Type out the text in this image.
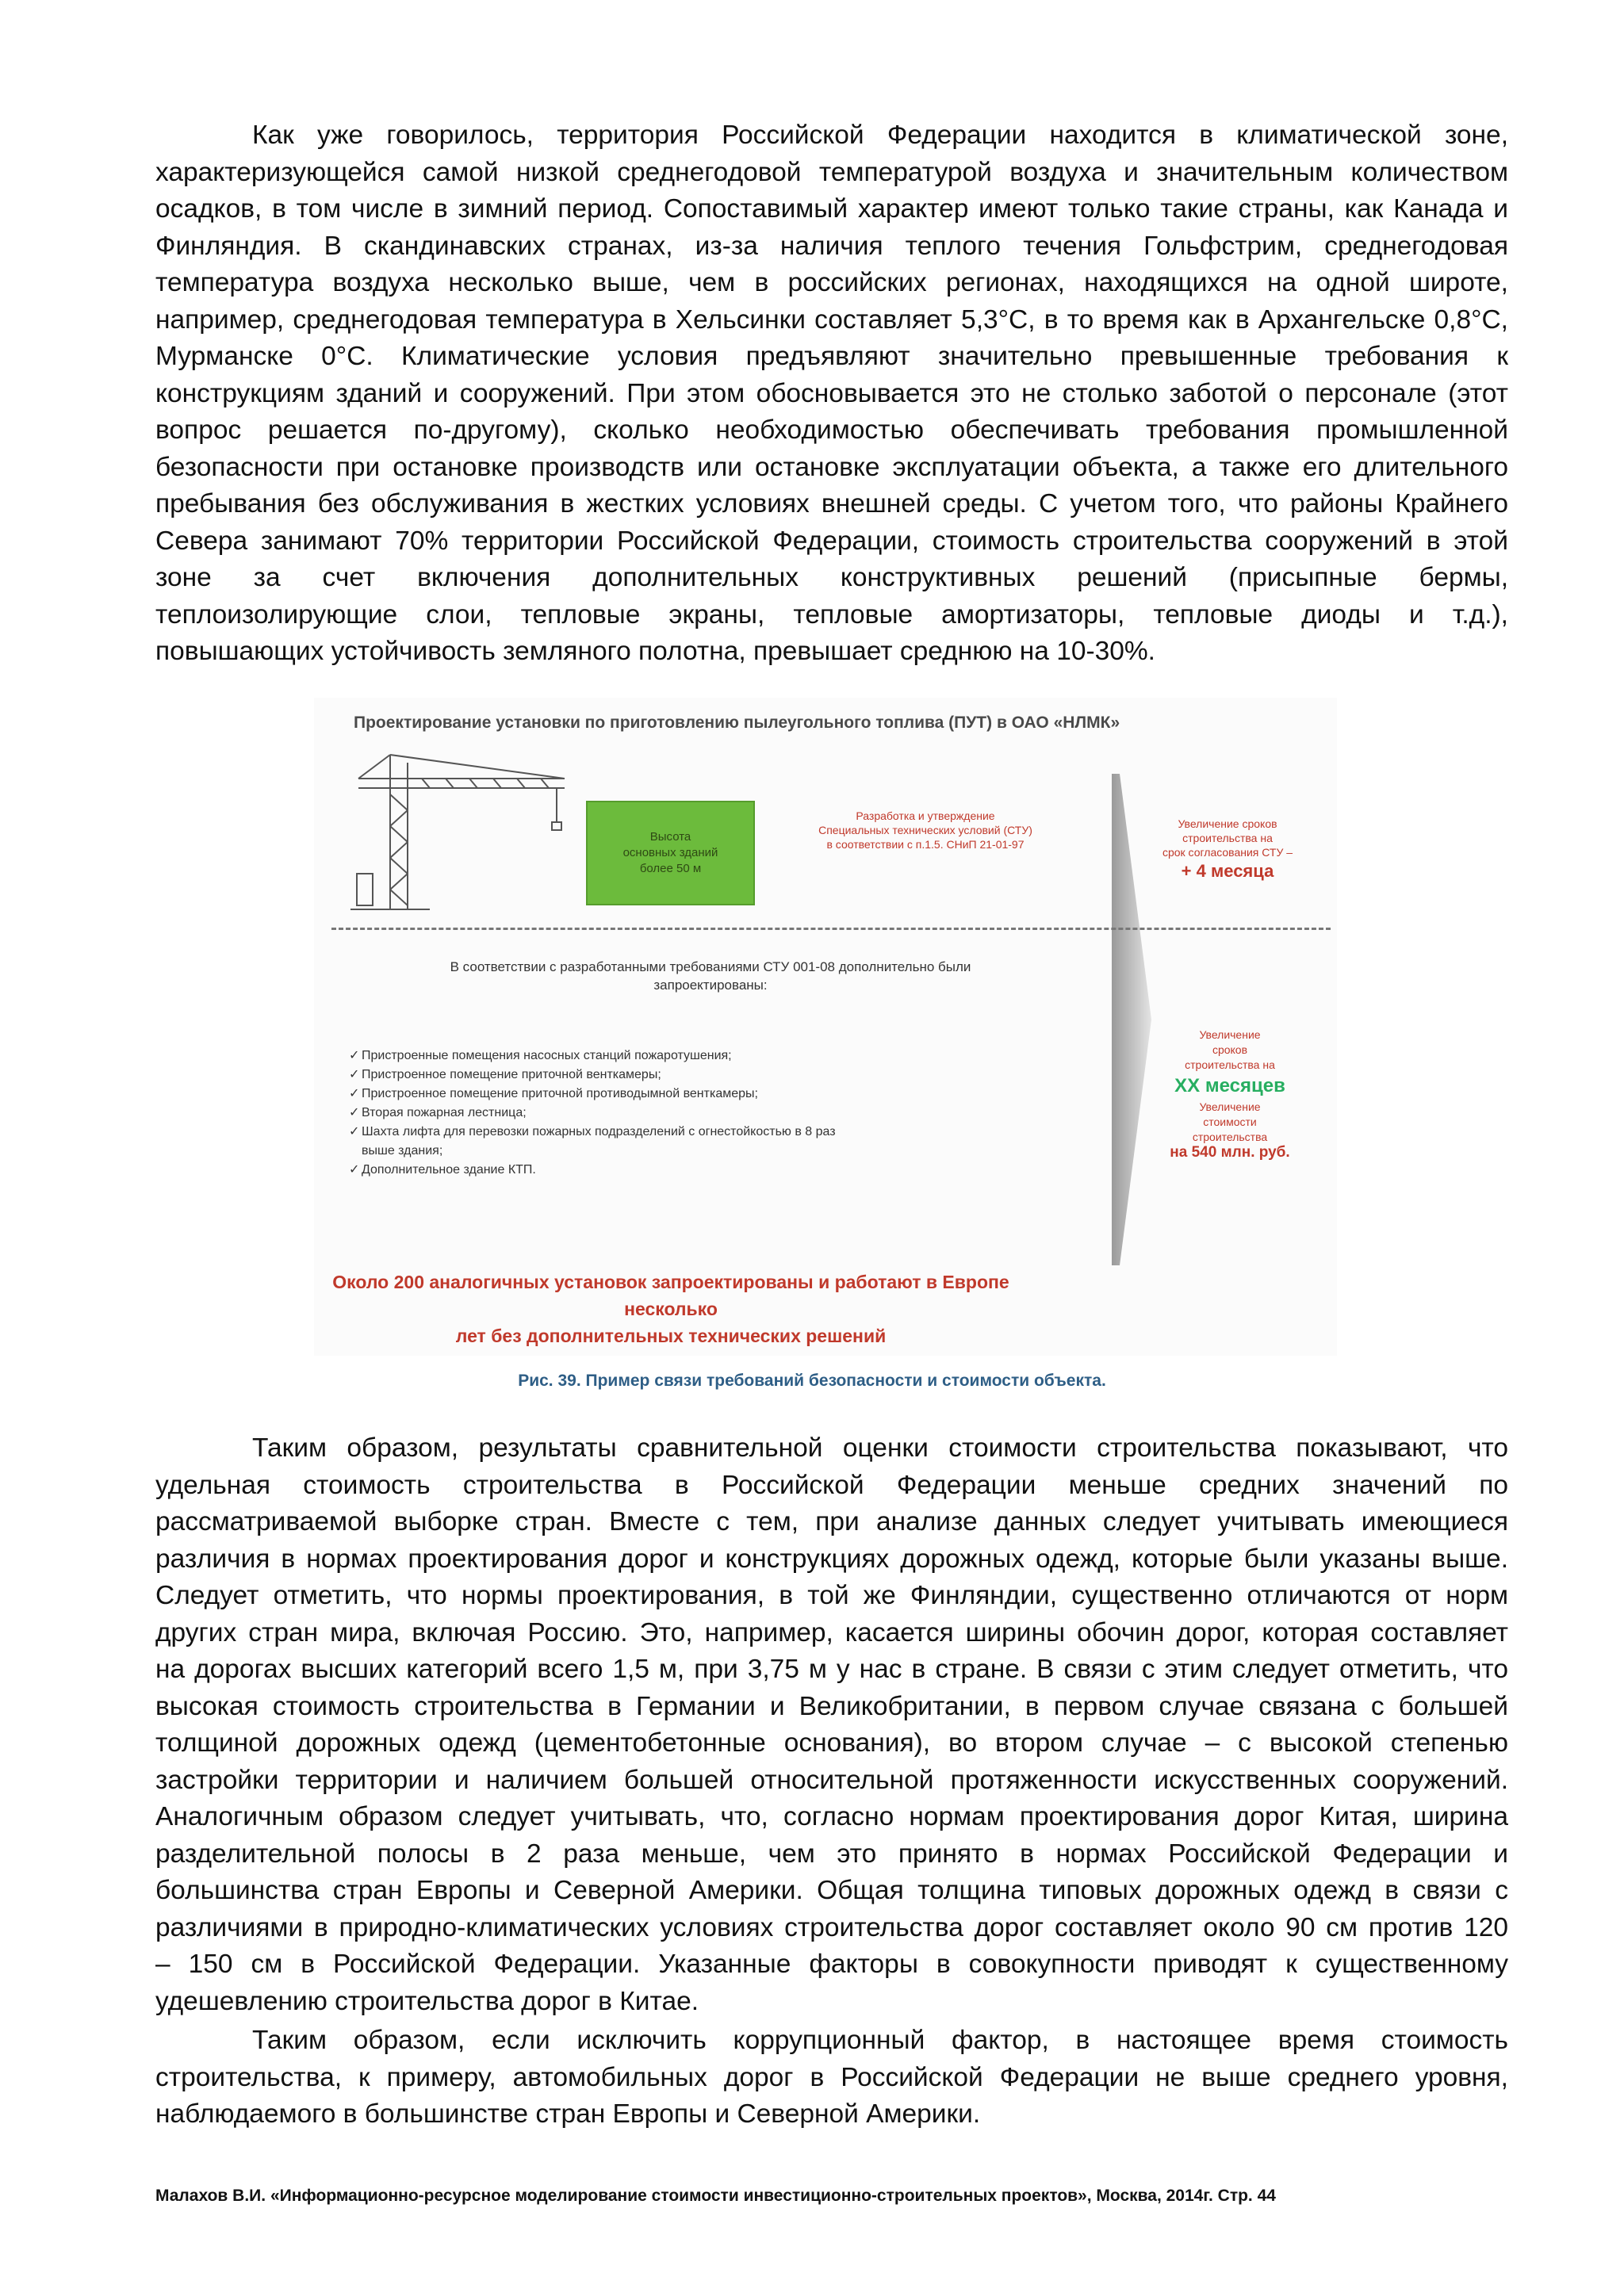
Как уже говорилось, территория Российской Федерации находится в климатической зоне,
характеризующейся самой низкой среднегодовой температурой воздуха и значительным количеством
осадков, в том числе в зимний период. Сопоставимый характер имеют только такие страны, как Канада и
Финляндия. В скандинавских странах, из-за наличия теплого течения Гольфстрим, среднегодовая
температура воздуха несколько выше, чем в российских регионах, находящихся на одной широте,
например, среднегодовая температура в Хельсинки составляет 5,3°С, в то время как в Архангельске 0,8°С,
Мурманске 0°С. Климатические условия предъявляют значительно превышенные требования к
конструкциям зданий и сооружений. При этом обосновывается это не столько заботой о персонале (этот
вопрос решается по-другому), сколько необходимостью обеспечивать требования промышленной
безопасности при остановке производств или остановке эксплуатации объекта, а также его длительного
пребывания без обслуживания в жестких условиях внешней среды. С учетом того, что районы Крайнего
Севера занимают 70% территории Российской Федерации, стоимость строительства сооружений в этой
зоне за счет включения дополнительных конструктивных решений (присыпные бермы,
теплоизолирующие слои, тепловые экраны, тепловые амортизаторы, тепловые диоды и т.д.),
повышающих устойчивость земляного полотна, превышает среднюю на 10-30%.
Проектирование установки по приготовлению пылеугольного топлива (ПУТ) в ОАО «НЛМК»
Высота
основных зданий
более 50 м
Разработка и утверждение
Специальных технических условий (СТУ)
в соответствии с п.1.5. СНиП 21-01-97
Увеличение сроков
строительства на
срок согласования СТУ –
+ 4 месяца
В соответствии с разработанными требованиями СТУ 001-08 дополнительно были
запроектированы:
✓ Пристроенные помещения насосных станций пожаротушения;
✓ Пристроенное помещение приточной венткамеры;
✓ Пристроенное помещение приточной противодымной венткамеры;
✓ Вторая пожарная лестница;
✓ Шахта лифта для перевозки пожарных подразделений с огнестойкостью в 8 раз
выше здания;
✓ Дополнительное здание КТП.
Увеличение
сроков
строительства на
XX месяцев
Увеличение
стоимости
строительства
на 540 млн. руб.
Около 200 аналогичных установок запроектированы и работают в Европе несколько
лет без дополнительных технических решений
Рис. 39. Пример связи требований безопасности и стоимости объекта.
Таким образом, результаты сравнительной оценки стоимости строительства показывают, что
удельная стоимость строительства в Российской Федерации меньше средних значений по
рассматриваемой выборке стран. Вместе с тем, при анализе данных следует учитывать имеющиеся
различия в нормах проектирования дорог и конструкциях дорожных одежд, которые были указаны выше.
Следует отметить, что нормы проектирования, в той же Финляндии, существенно отличаются от норм
других стран мира, включая Россию. Это, например, касается ширины обочин дорог, которая составляет
на дорогах высших категорий всего 1,5 м, при 3,75 м у нас в стране. В связи с этим следует отметить, что
высокая стоимость строительства в Германии и Великобритании, в первом случае связана с большей
толщиной дорожных одежд (цементобетонные основания), во втором случае – с высокой степенью
застройки территории и наличием большей относительной протяженности искусственных сооружений.
Аналогичным образом следует учитывать, что, согласно нормам проектирования дорог Китая, ширина
разделительной полосы в 2 раза меньше, чем это принято в нормах Российской Федерации и
большинства стран Европы и Северной Америки. Общая толщина типовых дорожных одежд в связи с
различиями в природно-климатических условиях строительства дорог составляет около 90 см против 120
– 150 см в Российской Федерации. Указанные факторы в совокупности приводят к существенному
удешевлению строительства дорог в Китае.
Таким образом, если исключить коррупционный фактор, в настоящее время стоимость
строительства, к примеру, автомобильных дорог в Российской Федерации не выше среднего уровня,
наблюдаемого в большинстве стран Европы и Северной Америки.
Малахов В.И. «Информационно-ресурсное моделирование стоимости инвестиционно-строительных проектов», Москва, 2014г. Стр. 44
